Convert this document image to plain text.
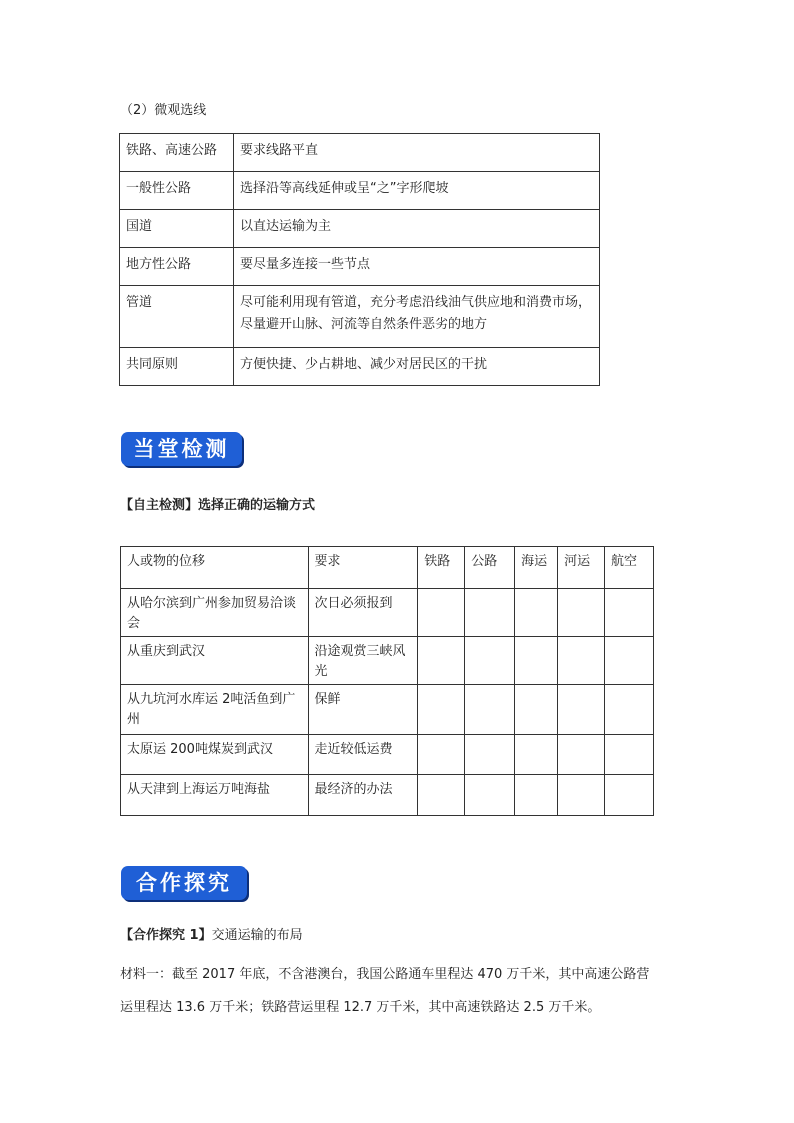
（2）微观选线
铁路、高速公路	要求线路平直
一般性公路	选择沿等高线延伸或呈“之”字形爬坡
国道	以直达运输为主
地方性公路	要尽量多连接一些节点
管道	尽可能利用现有管道，充分考虑沿线油气供应地和消费市场，尽量避开山脉、河流等自然条件恶劣的地方
共同原则	方便快捷、少占耕地、减少对居民区的干扰
当堂检测
【自主检测】选择正确的运输方式
人或物的位移	要求	铁路	公路	海运	河运	航空
从哈尔滨到广州参加贸易洽谈会	次日必须报到					
从重庆到武汉	沿途观赏三峡风光					
从九坑河水库运 2吨活鱼到广州	保鲜					
太原运 200吨煤炭到武汉	走近较低运费					
从天津到上海运万吨海盐	最经济的办法					
合作探究
【合作探究 1】交通运输的布局
材料一：截至 2017 年底，不含港澳台，我国公路通车里程达 470 万千米，其中高速公路营运里程达 13.6 万千米；铁路营运里程 12.7 万千米，其中高速铁路达 2.5 万千米。
